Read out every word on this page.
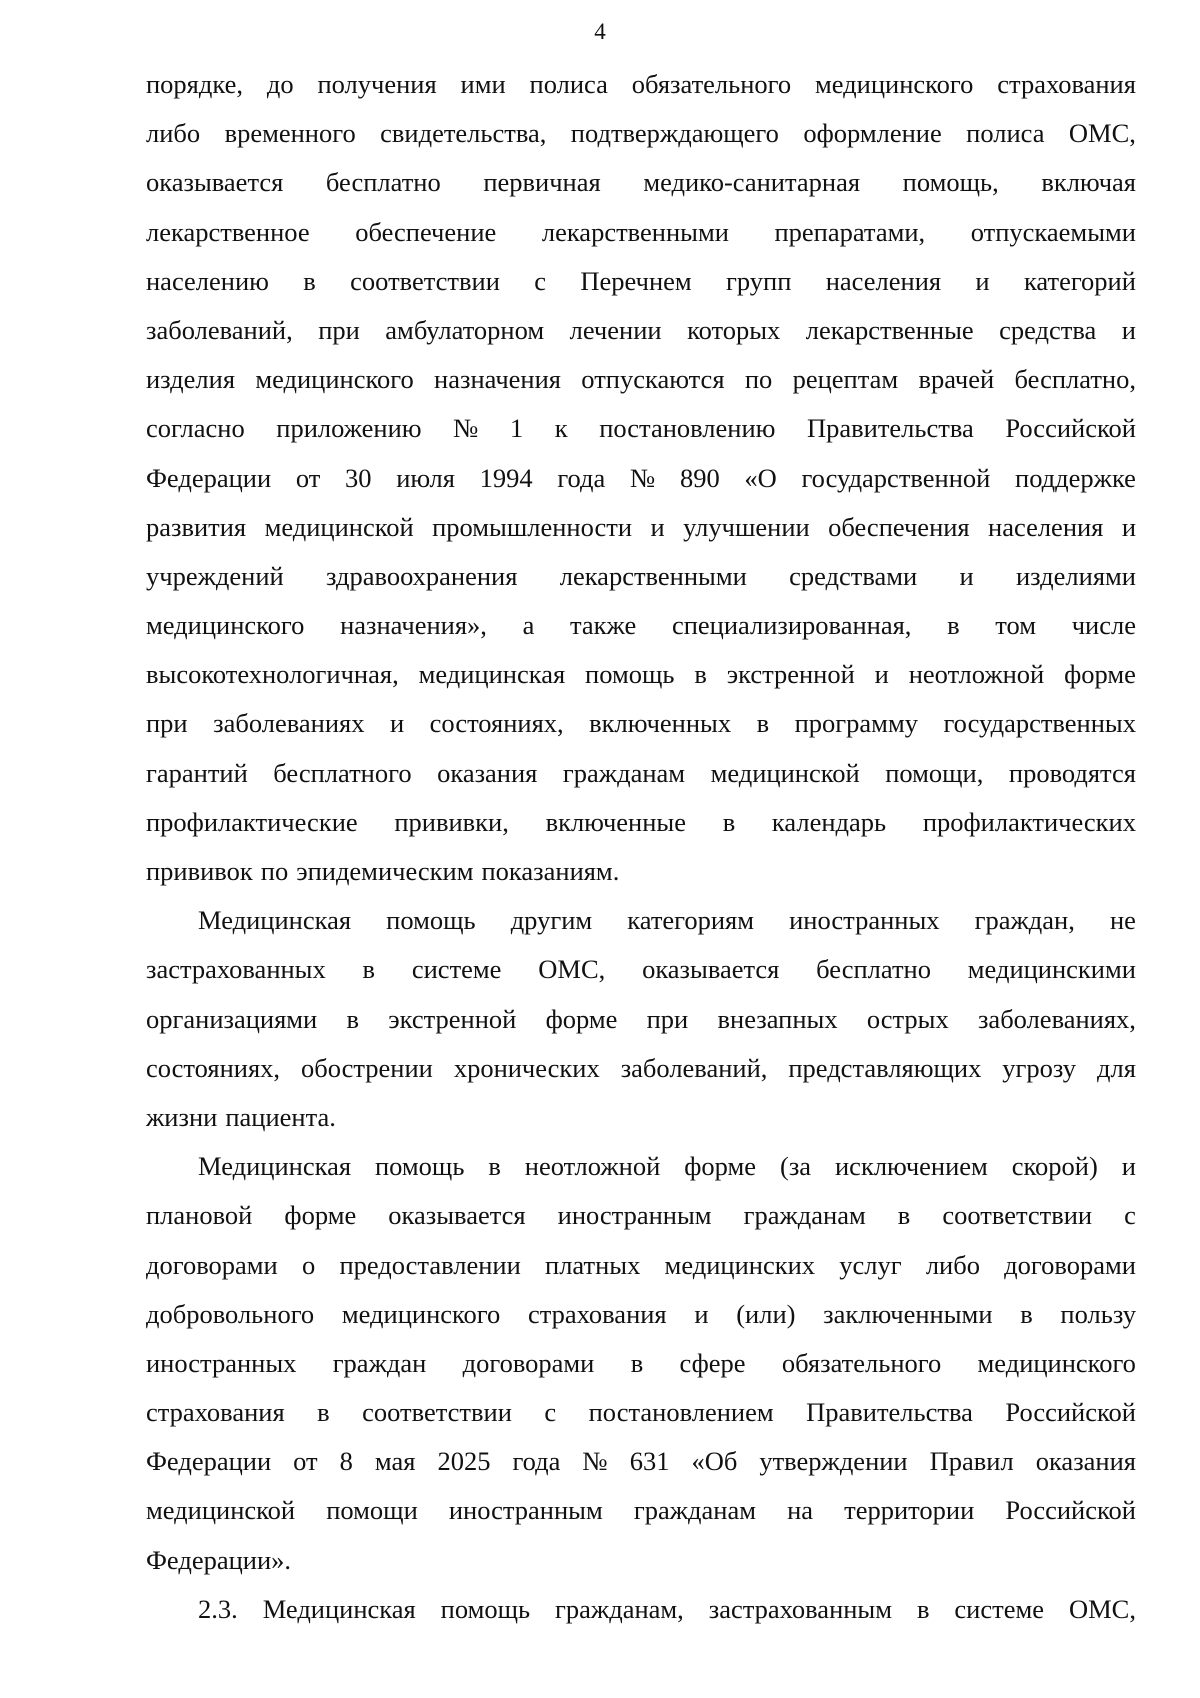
4
порядке, до получения ими полиса обязательного медицинского страхования
либо временного свидетельства, подтверждающего оформление полиса ОМС,
оказывается бесплатно первичная медико-санитарная помощь, включая
лекарственное обеспечение лекарственными препаратами, отпускаемыми
населению в соответствии с Перечнем групп населения и категорий
заболеваний, при амбулаторном лечении которых лекарственные средства и
изделия медицинского назначения отпускаются по рецептам врачей бесплатно,
согласно приложению № 1 к постановлению Правительства Российской
Федерации от 30 июля 1994 года № 890 «О государственной поддержке
развития медицинской промышленности и улучшении обеспечения населения и
учреждений здравоохранения лекарственными средствами и изделиями
медицинского назначения», а также специализированная, в том числе
высокотехнологичная, медицинская помощь в экстренной и неотложной форме
при заболеваниях и состояниях, включенных в программу государственных
гарантий бесплатного оказания гражданам медицинской помощи, проводятся
профилактические прививки, включенные в календарь профилактических
прививок по эпидемическим показаниям.
Медицинская помощь другим категориям иностранных граждан, не
застрахованных в системе ОМС, оказывается бесплатно медицинскими
организациями в экстренной форме при внезапных острых заболеваниях,
состояниях, обострении хронических заболеваний, представляющих угрозу для
жизни пациента.
Медицинская помощь в неотложной форме (за исключением скорой) и
плановой форме оказывается иностранным гражданам в соответствии с
договорами о предоставлении платных медицинских услуг либо договорами
добровольного медицинского страхования и (или) заключенными в пользу
иностранных граждан договорами в сфере обязательного медицинского
страхования в соответствии с постановлением Правительства Российской
Федерации от 8 мая 2025 года № 631 «Об утверждении Правил оказания
медицинской помощи иностранным гражданам на территории Российской
Федерации».
2.3. Медицинская помощь гражданам, застрахованным в системе ОМС,
